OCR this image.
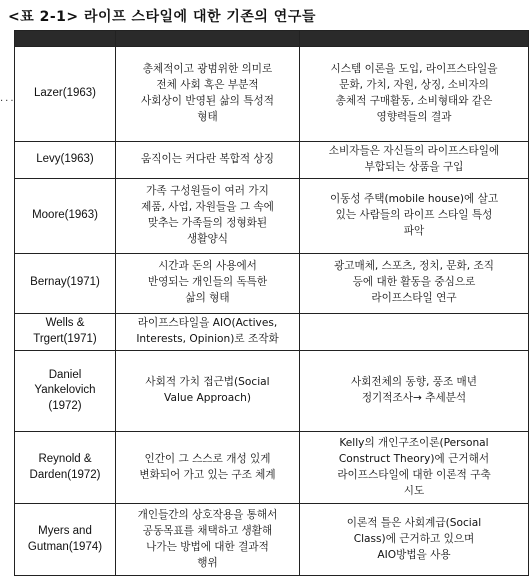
<표 2-1> 라이프 스타일에 대한 기존의 연구들
···

Lazer(1963)	총체적이고 광범위한 의미로
전체 사회 혹은 부분적
사회상이 반영된 삶의 특성적
형태	시스템 이론을 도입, 라이프스타일을
문화, 가치, 자원, 상징, 소비자의
총체적 구매활동, 소비형태와 같은
영향력들의 결과

Levy(1963)	움직이는 커다란 복합적 상징	소비자들은 자신들의 라이프스타일에
부합되는 상품을 구입

Moore(1963)	가족 구성원들이 여러 가지
제품, 사업, 자원들을 그 속에
맞추는 가족들의 정형화된
생활양식	이동성 주택(mobile house)에 살고
있는 사람들의 라이프 스타일 특성
파악

Bernay(1971)	시간과 돈의 사용에서
반영되는 개인들의 독특한
삶의 형태	광고매체, 스포츠, 정치, 문화, 조직
등에 대한 활동을 중심으로
라이프스타일 연구

Wells &
Trgert(1971)	라이프스타일을 AIO(Actives,
Interests, Opinion)로 조작화	

Daniel
Yankelovich
(1972)	사회적 가치 접근법(Social
Value Approach)	사회전체의 동향, 풍조 매년
정기적조사→ 추세분석

Reynold &
Darden(1972)	인간이 그 스스로 개성 있게
변화되어 가고 있는 구조 체계	Kelly의 개인구조이론(Personal
Construct Theory)에 근거해서
라이프스타일에 대한 이론적 구축
시도

Myers and
Gutman(1974)	개인들간의 상호작용을 통해서
공동목표를 채택하고 생활해
나가는 방법에 대한 결과적
행위	이론적 틀은 사회계급(Social
Class)에 근거하고 있으며
AIO방법을 사용
